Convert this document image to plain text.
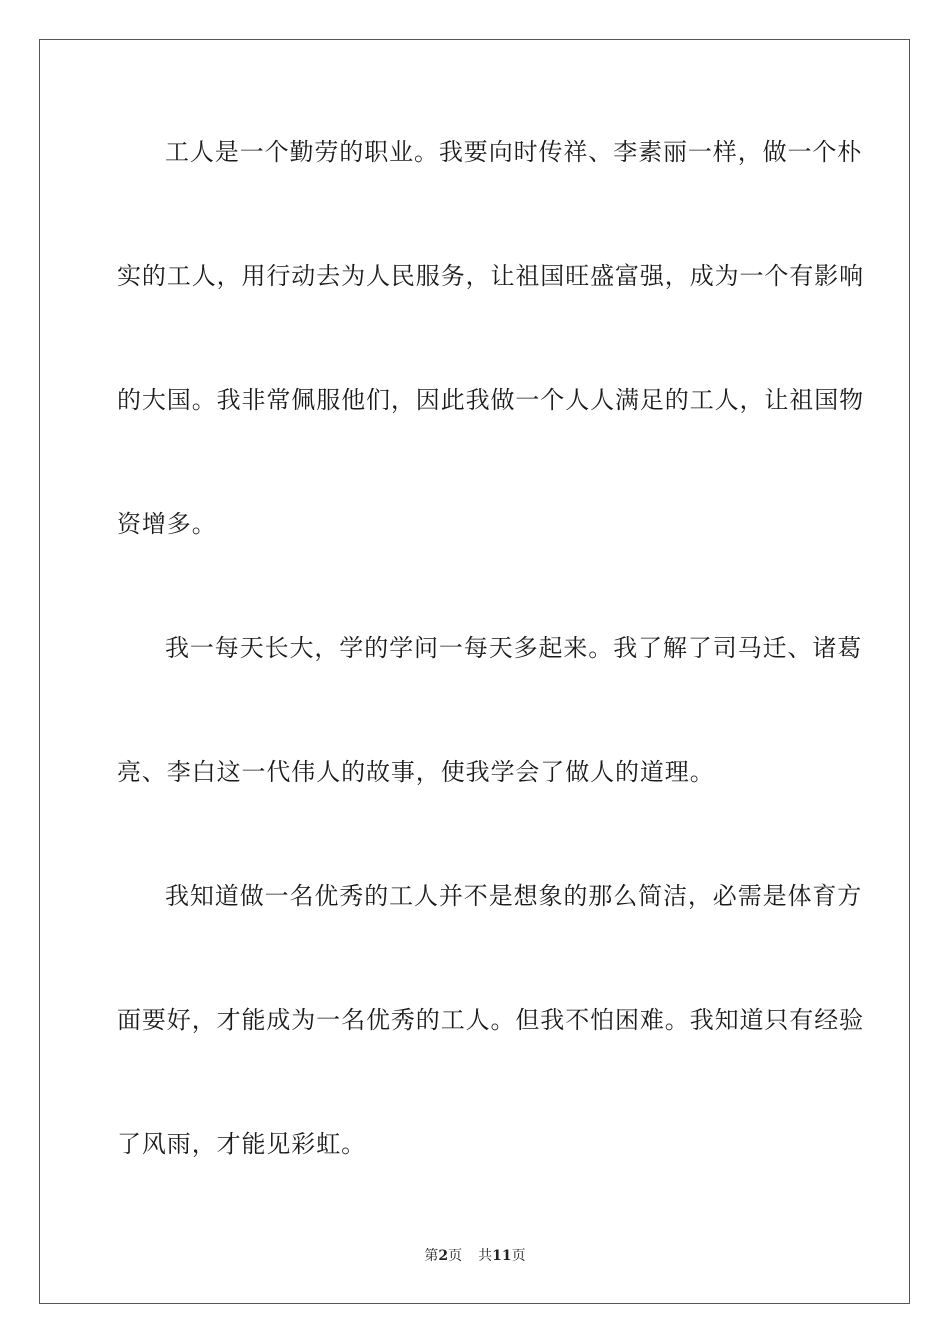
工人是一个勤劳的职业。我要向时传祥、李素丽一样，做一个朴
实的工人，用行动去为人民服务，让祖国旺盛富强，成为一个有影响
的大国。我非常佩服他们，因此我做一个人人满足的工人，让祖国物
资增多。
我一每天长大，学的学问一每天多起来。我了解了司马迁、诸葛
亮、李白这一代伟人的故事，使我学会了做人的道理。
我知道做一名优秀的工人并不是想象的那么简洁，必需是体育方
面要好，才能成为一名优秀的工人。但我不怕困难。我知道只有经验
了风雨，才能见彩虹。
第2页 共11页
